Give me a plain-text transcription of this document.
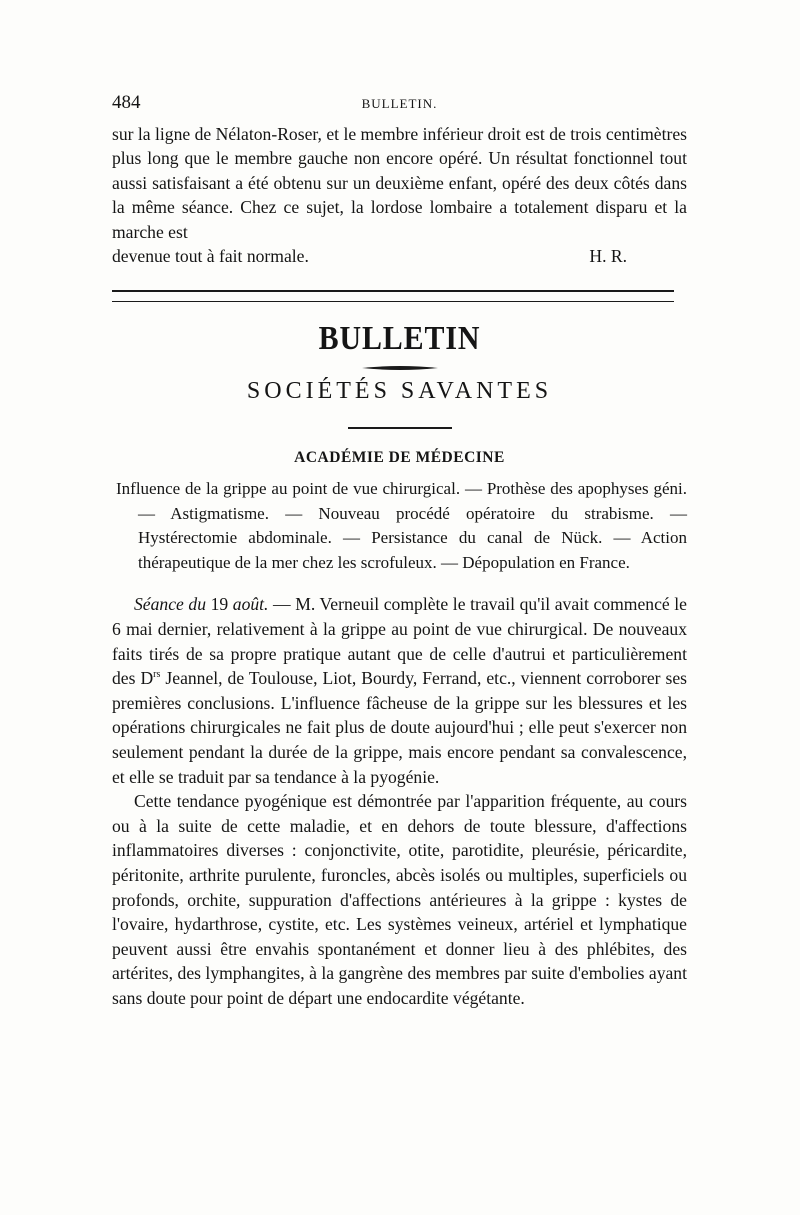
484	BULLETIN.

sur la ligne de Nélaton-Roser, et le membre inférieur droit est de trois centimètres plus long que le membre gauche non encore opéré. Un résultat fonctionnel tout aussi satisfaisant a été obtenu sur un deuxième enfant, opéré des deux côtés dans la même séance. Chez ce sujet, la lordose lombaire a totalement disparu et la marche est
devenue tout à fait normale.	H. R.

BULLETIN
SOCIÉTÉS SAVANTES
ACADÉMIE DE MÉDECINE

Influence de la grippe au point de vue chirurgical. — Prothèse des apophyses géni. — Astigmatisme. — Nouveau procédé opératoire du strabisme. — Hystérectomie abdominale. — Persistance du canal de Nück. — Action thérapeutique de la mer chez les scrofuleux. — Dépopulation en France.

Séance du 19 août. — M. Verneuil complète le travail qu'il avait commencé le 6 mai dernier, relativement à la grippe au point de vue chirurgical. De nouveaux faits tirés de sa propre pratique autant que de celle d'autrui et particulièrement des $D^{rs}$ Jeannel, de Toulouse, Liot, Bourdy, Ferrand, etc., viennent corroborer ses premières conclusions. L'influence fâcheuse de la grippe sur les blessures et les opérations chirurgicales ne fait plus de doute aujourd'hui ; elle peut s'exercer non seulement pendant la durée de la grippe, mais encore pendant sa convalescence, et elle se traduit par sa tendance à la pyogénie.

Cette tendance pyogénique est démontrée par l'apparition fréquente, au cours ou à la suite de cette maladie, et en dehors de toute blessure, d'affections inflammatoires diverses : conjonctivite, otite, parotidite, pleurésie, péricardite, péritonite, arthrite purulente, furoncles, abcès isolés ou multiples, superficiels ou profonds, orchite, suppuration d'affections antérieures à la grippe : kystes de l'ovaire, hydarthrose, cystite, etc. Les systèmes veineux, artériel et lymphatique peuvent aussi être envahis spontanément et donner lieu à des phlébites, des artérites, des lymphangites, à la gangrène des membres par suite d'embolies ayant sans doute pour point de départ une endocardite végétante.
